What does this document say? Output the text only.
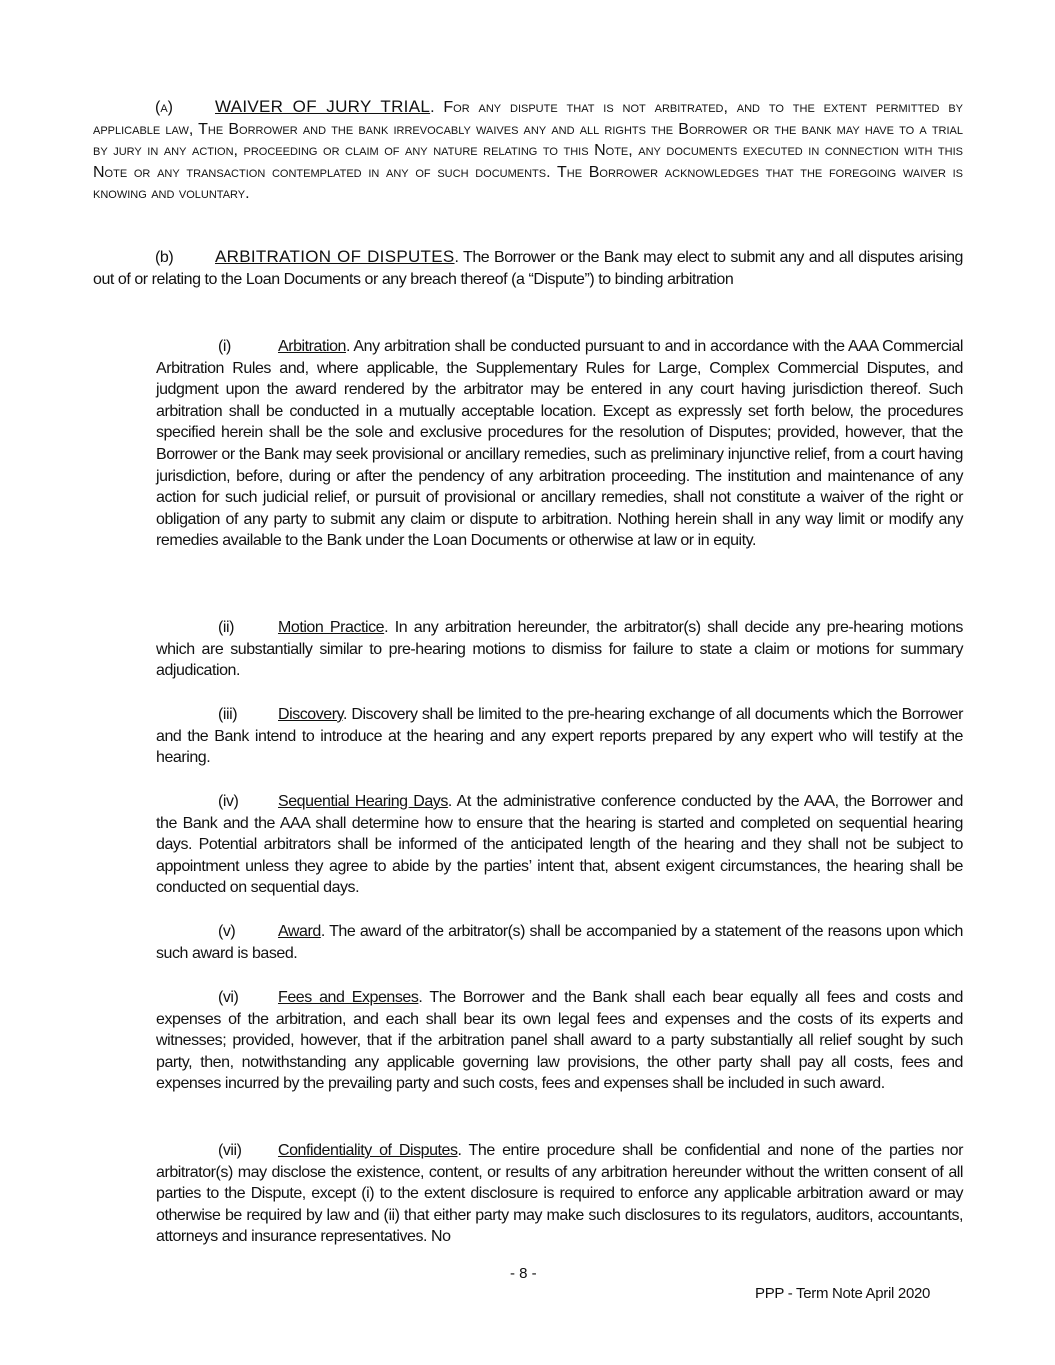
(a) WAIVER OF JURY TRIAL. For any dispute that is not arbitrated, and to the extent permitted by applicable law, The Borrower and the bank irrevocably waives any and all rights the Borrower or the bank may have to a trial by jury in any action, proceeding or claim of any nature relating to this Note, any documents executed in connection with this Note or any transaction contemplated in any of such documents. The Borrower acknowledges that the foregoing waiver is knowing and voluntary.
(b) ARBITRATION OF DISPUTES. The Borrower or the Bank may elect to submit any and all disputes arising out of or relating to the Loan Documents or any breach thereof (a “Dispute”) to binding arbitration
(i)	Arbitration. Any arbitration shall be conducted pursuant to and in accordance with the AAA Commercial Arbitration Rules and, where applicable, the Supplementary Rules for Large, Complex Commercial Disputes, and judgment upon the award rendered by the arbitrator may be entered in any court having jurisdiction thereof. Such arbitration shall be conducted in a mutually acceptable location. Except as expressly set forth below, the procedures specified herein shall be the sole and exclusive procedures for the resolution of Disputes; provided, however, that the Borrower or the Bank may seek provisional or ancillary remedies, such as preliminary injunctive relief, from a court having jurisdiction, before, during or after the pendency of any arbitration proceeding. The institution and maintenance of any action for such judicial relief, or pursuit of provisional or ancillary remedies, shall not constitute a waiver of the right or obligation of any party to submit any claim or dispute to arbitration. Nothing herein shall in any way limit or modify any remedies available to the Bank under the Loan Documents or otherwise at law or in equity.
(ii)	Motion Practice. In any arbitration hereunder, the arbitrator(s) shall decide any pre-hearing motions which are substantially similar to pre-hearing motions to dismiss for failure to state a claim or motions for summary adjudication.
(iii)	Discovery. Discovery shall be limited to the pre-hearing exchange of all documents which the Borrower and the Bank intend to introduce at the hearing and any expert reports prepared by any expert who will testify at the hearing.
(iv) Sequential Hearing Days. At the administrative conference conducted by the AAA, the Borrower and the Bank and the AAA shall determine how to ensure that the hearing is started and completed on sequential hearing days. Potential arbitrators shall be informed of the anticipated length of the hearing and they shall not be subject to appointment unless they agree to abide by the parties’ intent that, absent exigent circumstances, the hearing shall be conducted on sequential days.
(v)	Award. The award of the arbitrator(s) shall be accompanied by a statement of the reasons upon which such award is based.
(vi) Fees and Expenses. The Borrower and the Bank shall each bear equally all fees and costs and expenses of the arbitration, and each shall bear its own legal fees and expenses and the costs of its experts and witnesses; provided, however, that if the arbitration panel shall award to a party substantially all relief sought by such party, then, notwithstanding any applicable governing law provisions, the other party shall pay all costs, fees and expenses incurred by the prevailing party and such costs, fees and expenses shall be included in such award.
(vii) Confidentiality of Disputes. The entire procedure shall be confidential and none of the parties nor arbitrator(s) may disclose the existence, content, or results of any arbitration hereunder without the written consent of all parties to the Dispute, except (i) to the extent disclosure is required to enforce any applicable arbitration award or may otherwise be required by law and (ii) that either party may make such disclosures to its regulators, auditors, accountants, attorneys and insurance representatives. No
- 8 -
PPP - Term Note April 2020
